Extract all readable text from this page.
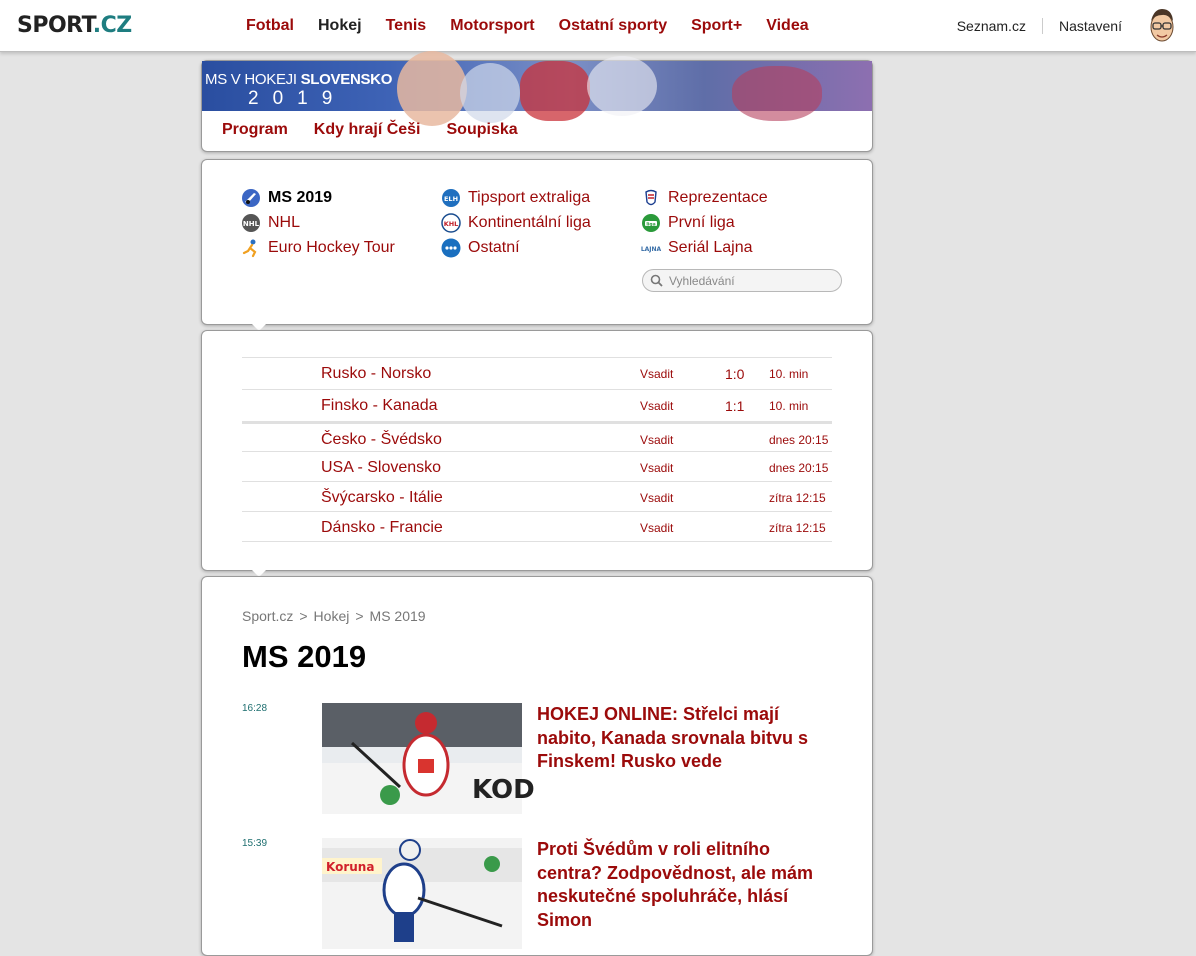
SPORT.CZ	Fotbal Hokej Tenis Motorsport Ostatní sporty Sport+ Videa	Seznam.cz Nastavení
MS V HOKEJI SLOVENSKO
2019
Program Kdy hrají Češi Soupiska
MS 2019
NHL NHL
Euro Hockey Tour
ELH Tipsport extraliga
KHL Kontinentální liga
Ostatní
Reprezentace
liga První liga
LAJNA Seriál Lajna
Vyhledávání
Rusko - Norsko	Vsadit	1:0 10. min
Finsko - Kanada	Vsadit	1:1 10. min
Česko - Švédsko	Vsadit	dnes 20:15
USA - Slovensko	Vsadit	dnes 20:15
Švýcarsko - Itálie	Vsadit	zítra 12:15
Dánsko - Francie	Vsadit	zítra 12:15
Sport.cz > Hokej > MS 2019
MS 2019
16:28
KOD
HOKEJ ONLINE: Střelci mají nabito, Kanada srovnala bitvu s Finskem! Rusko vede
15:39
Koruna
Proti Švédům v roli elitního centra? Zodpovědnost, ale mám neskutečné spoluhráče, hlásí Simon
